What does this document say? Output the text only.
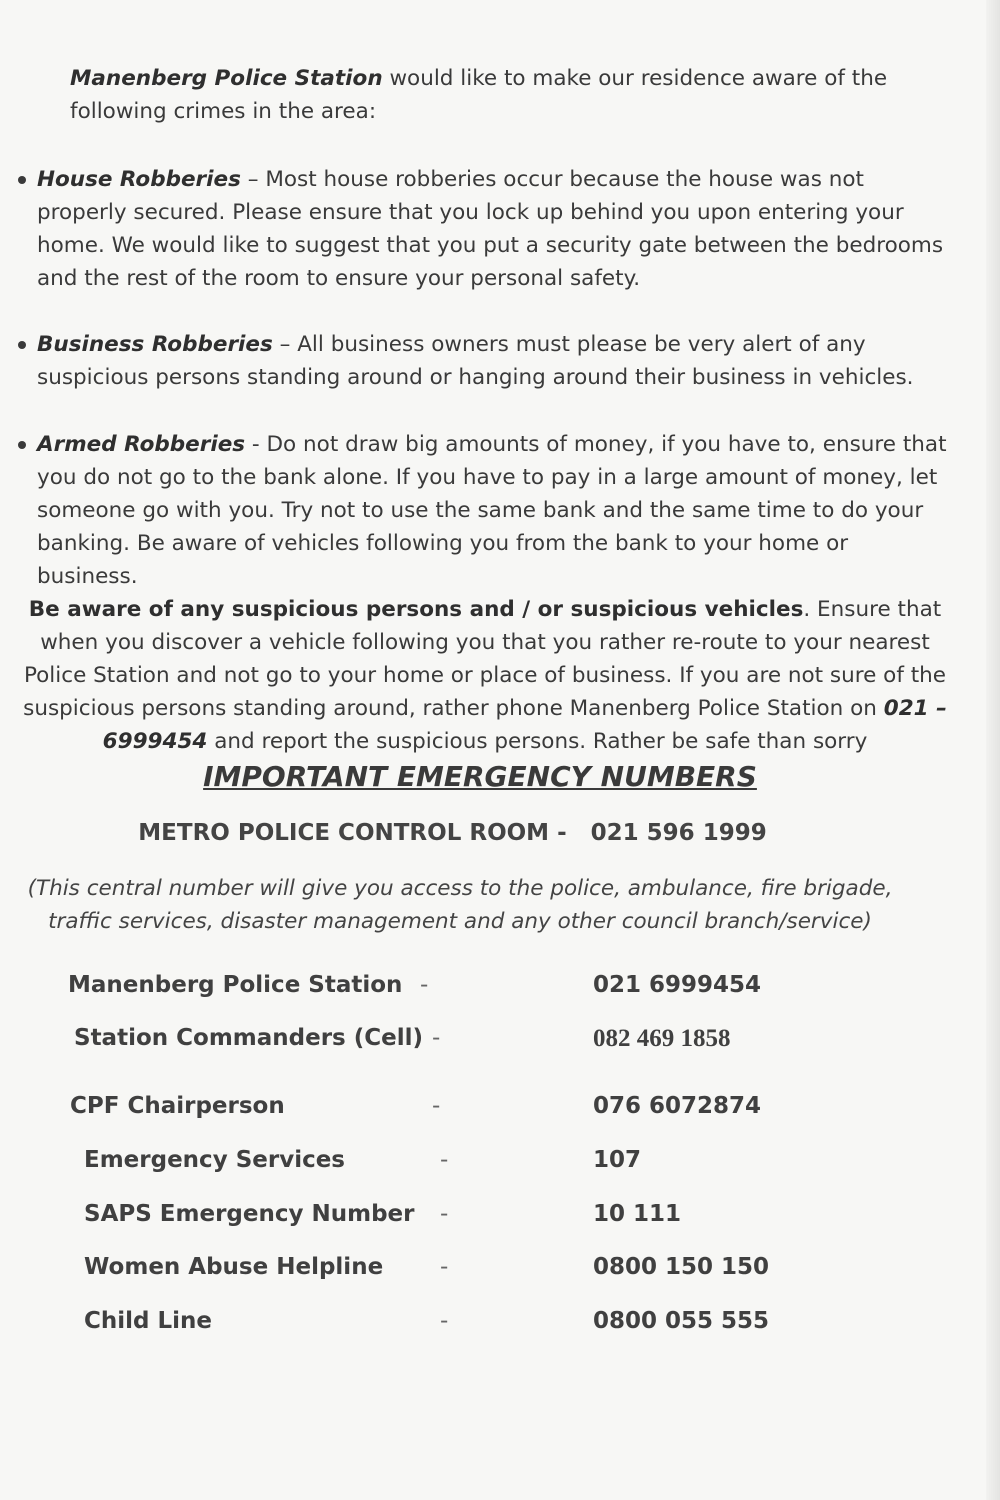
Manenberg Police Station would like to make our residence aware of the following crimes in the area:

House Robberies – Most house robberies occur because the house was not properly secured. Please ensure that you lock up behind you upon entering your home. We would like to suggest that you put a security gate between the bedrooms and the rest of the room to ensure your personal safety.

Business Robberies – All business owners must please be very alert of any suspicious persons standing around or hanging around their business in vehicles.

Armed Robberies - Do not draw big amounts of money, if you have to, ensure that you do not go to the bank alone. If you have to pay in a large amount of money, let someone go with you. Try not to use the same bank and the same time to do your banking. Be aware of vehicles following you from the bank to your home or business.

Be aware of any suspicious persons and / or suspicious vehicles. Ensure that when you discover a vehicle following you that you rather re-route to your nearest Police Station and not go to your home or place of business. If you are not sure of the suspicious persons standing around, rather phone Manenberg Police Station on 021 – 6999454 and report the suspicious persons. Rather be safe than sorry

IMPORTANT EMERGENCY NUMBERS
METRO POLICE CONTROL ROOM - 021 596 1999
(This central number will give you access to the police, ambulance, fire brigade, traffic services, disaster management and any other council branch/service)
Manenberg Police Station -	021 6999454
Station Commanders (Cell) -	082 469 1858
CPF Chairperson	-	076 6072874
Emergency Services	-	107
SAPS Emergency Number -	10 111
Women Abuse Helpline -	0800 150 150
Child Line	-	0800 055 555
